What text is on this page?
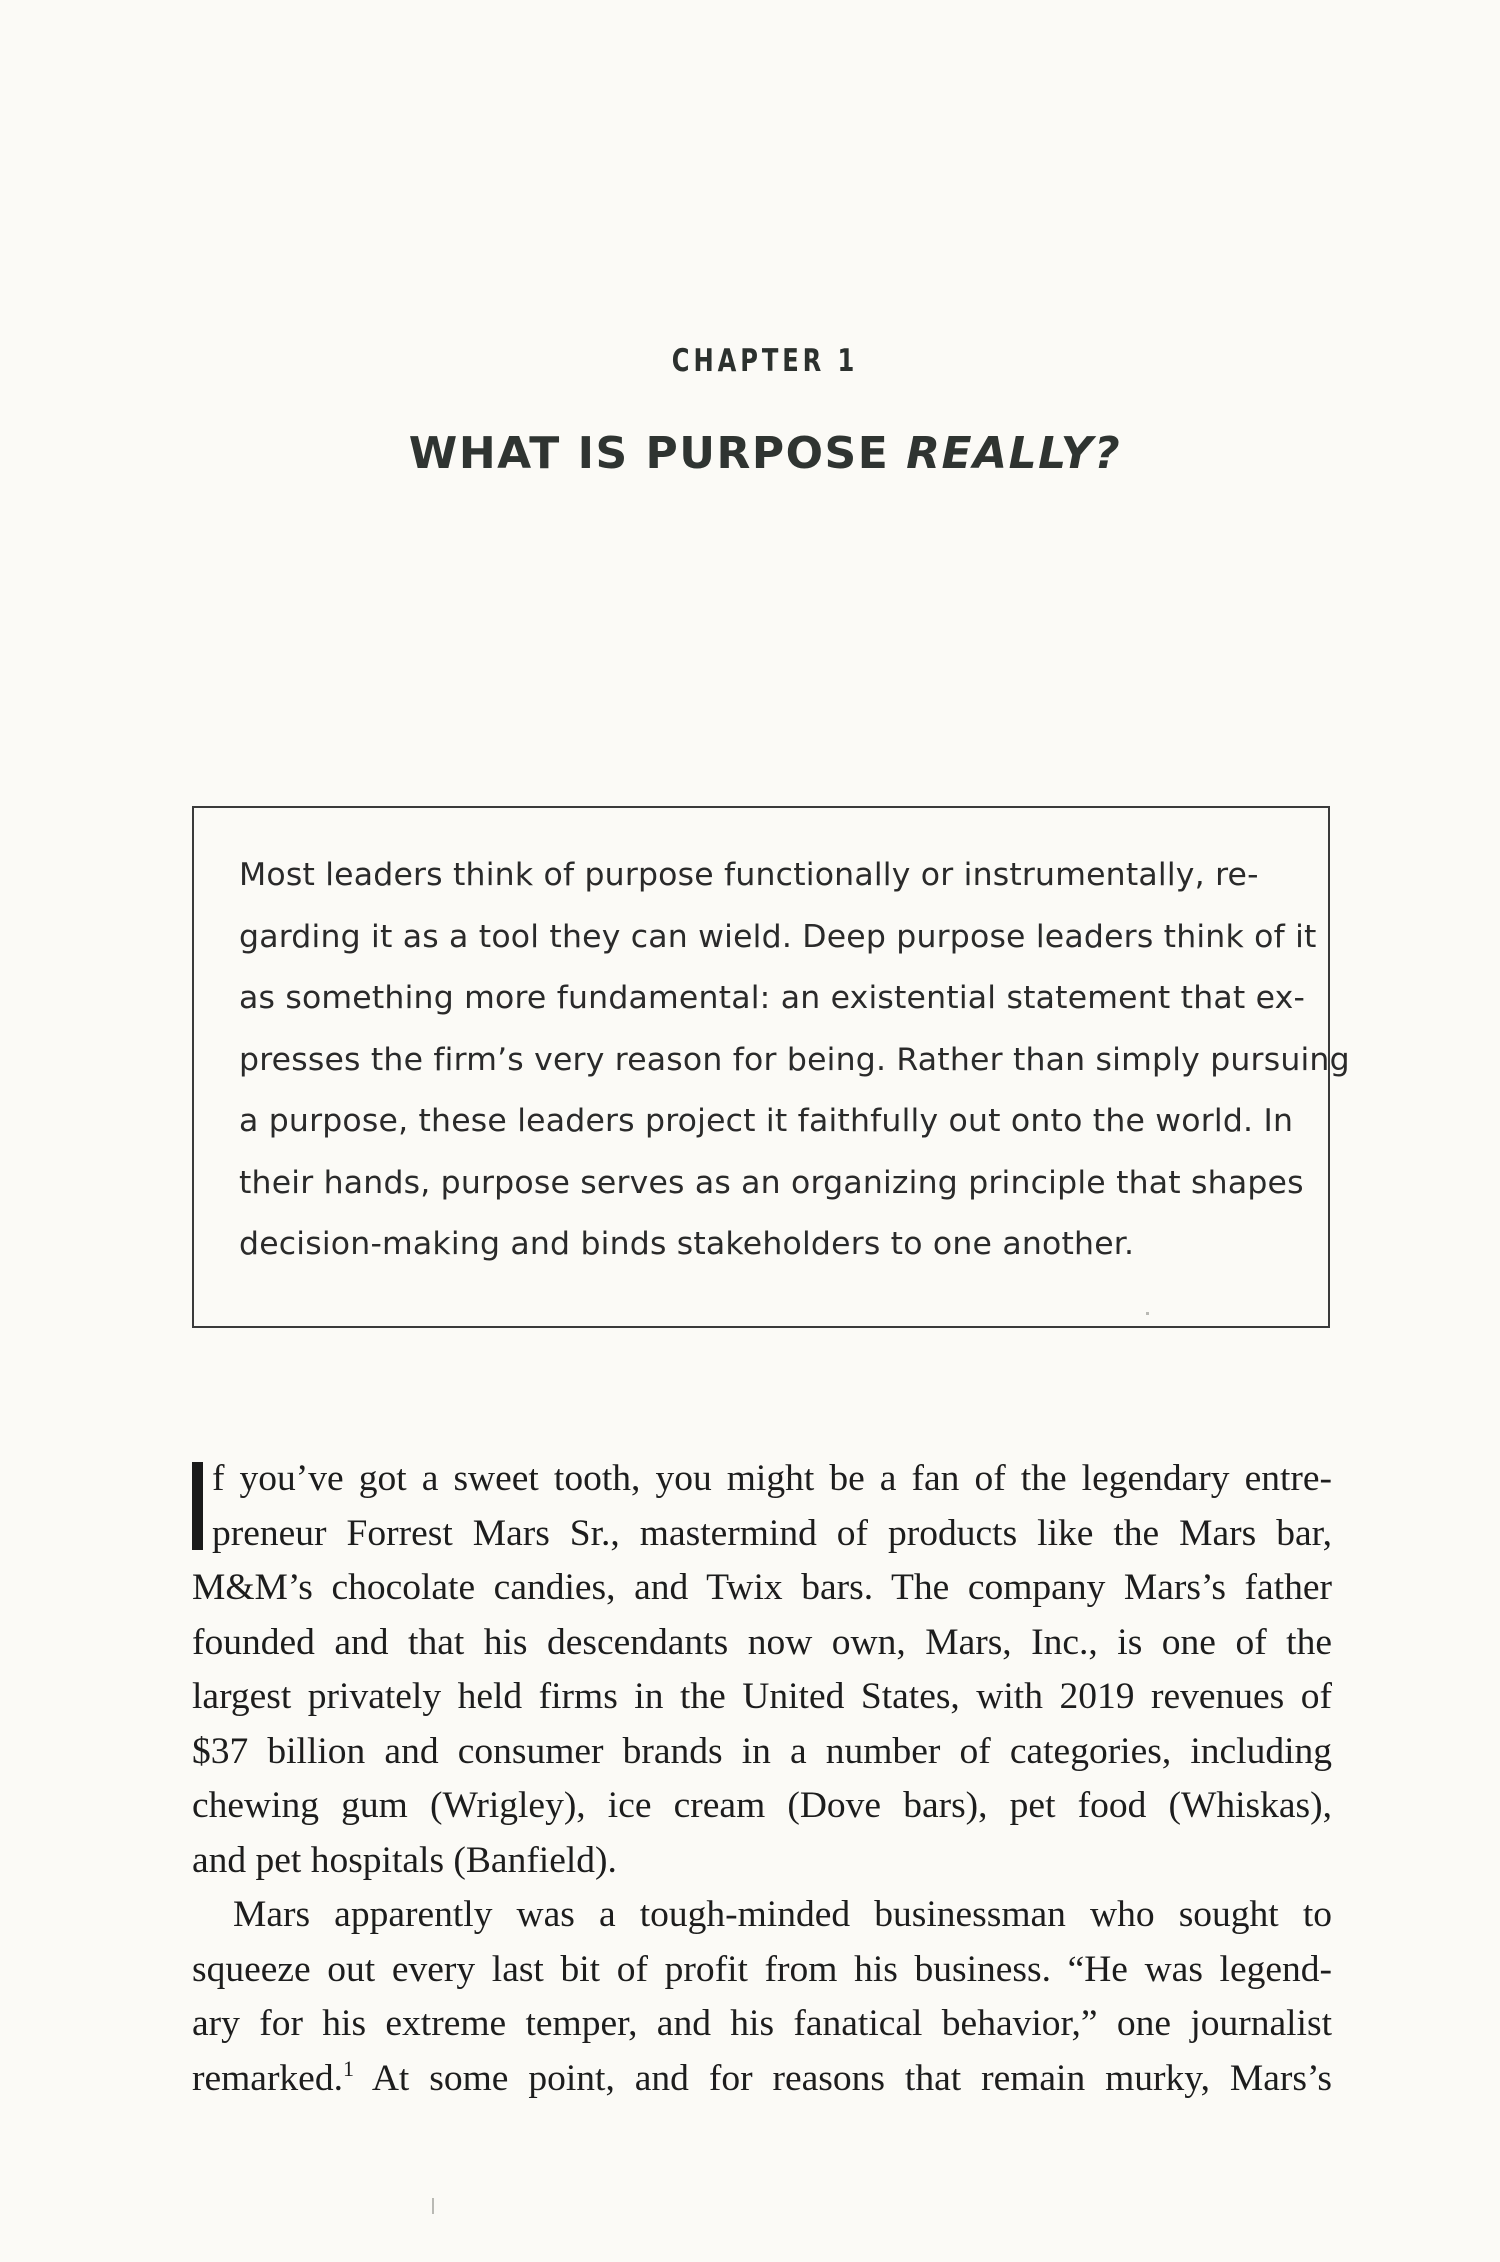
CHAPTER 1
WHAT IS PURPOSE REALLY?
Most leaders think of purpose functionally or instrumentally, re-
garding it as a tool they can wield. Deep purpose leaders think of it
as something more fundamental: an existential statement that ex-
presses the firm’s very reason for being. Rather than simply pursuing
a purpose, these leaders project it faithfully out onto the world. In
their hands, purpose serves as an organizing principle that shapes
decision-making and binds stakeholders to one another.
f you’ve got a sweet tooth, you might be a fan of the legendary entre-
preneur Forrest Mars Sr., mastermind of products like the Mars bar,
M&M’s chocolate candies, and Twix bars. The company Mars’s father
founded and that his descendants now own, Mars, Inc., is one of the
largest privately held firms in the United States, with 2019 revenues of
$37 billion and consumer brands in a number of categories, including
chewing gum (Wrigley), ice cream (Dove bars), pet food (Whiskas),
and pet hospitals (Banfield).
Mars apparently was a tough-minded businessman who sought to
squeeze out every last bit of profit from his business. “He was legend-
ary for his extreme temper, and his fanatical behavior,” one journalist
remarked.$^1$ At some point, and for reasons that remain murky, Mars’s
